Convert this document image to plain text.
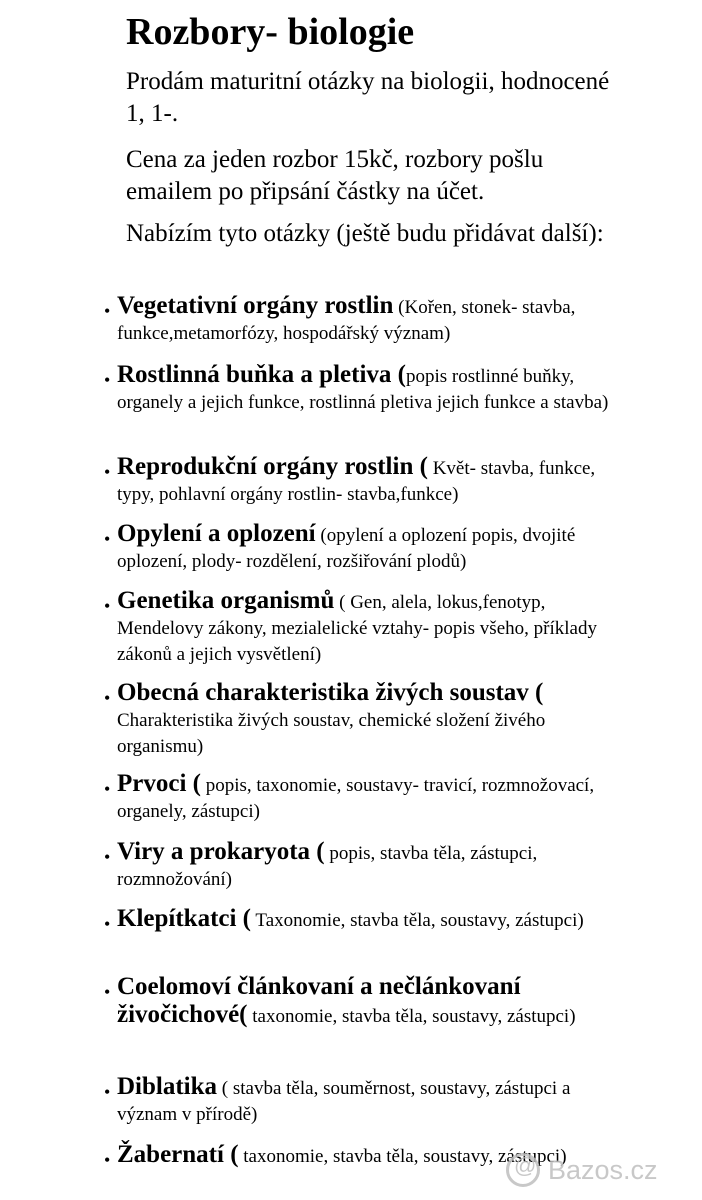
Rozbory- biologie
Prodám maturitní otázky na biologii, hodnocené 1, 1-.
Cena za jeden rozbor 15kč, rozbory pošlu emailem po připsání částky na účet.
Nabízím tyto otázky (ještě budu přidávat další):
• Vegetativní orgány rostlin (Kořen, stonek- stavba, funkce,metamorfózy, hospodářský význam)
• Rostlinná buňka a pletiva (popis rostlinné buňky, organely a jejich funkce, rostlinná pletiva jejich funkce a stavba)
• Reprodukční orgány rostlin ( Květ- stavba, funkce, typy, pohlavní orgány rostlin- stavba,funkce)
• Opylení a oplození (opylení a oplození popis, dvojité oplození, plody- rozdělení, rozšiřování plodů)
• Genetika organismů ( Gen, alela, lokus,fenotyp, Mendelovy zákony, mezialelické vztahy- popis všeho, příklady zákonů a jejich vysvětlení)
• Obecná charakteristika živých soustav ( Charakteristika živých soustav, chemické složení živého organismu)
• Prvoci ( popis, taxonomie, soustavy- travicí, rozmnožovací, organely, zástupci)
• Viry a prokaryota ( popis, stavba těla, zástupci, rozmnožování)
• Klepítkatci ( Taxonomie, stavba těla, soustavy, zástupci)
• Coelomoví článkovaní a nečlánkovaní živočichové( taxonomie, stavba těla, soustavy, zástupci)
• Diblatika ( stavba těla, souměrnost, soustavy, zástupci a význam v přírodě)
• Žabernatí ( taxonomie, stavba těla, soustavy, zástupci)
@
Bazos.cz
